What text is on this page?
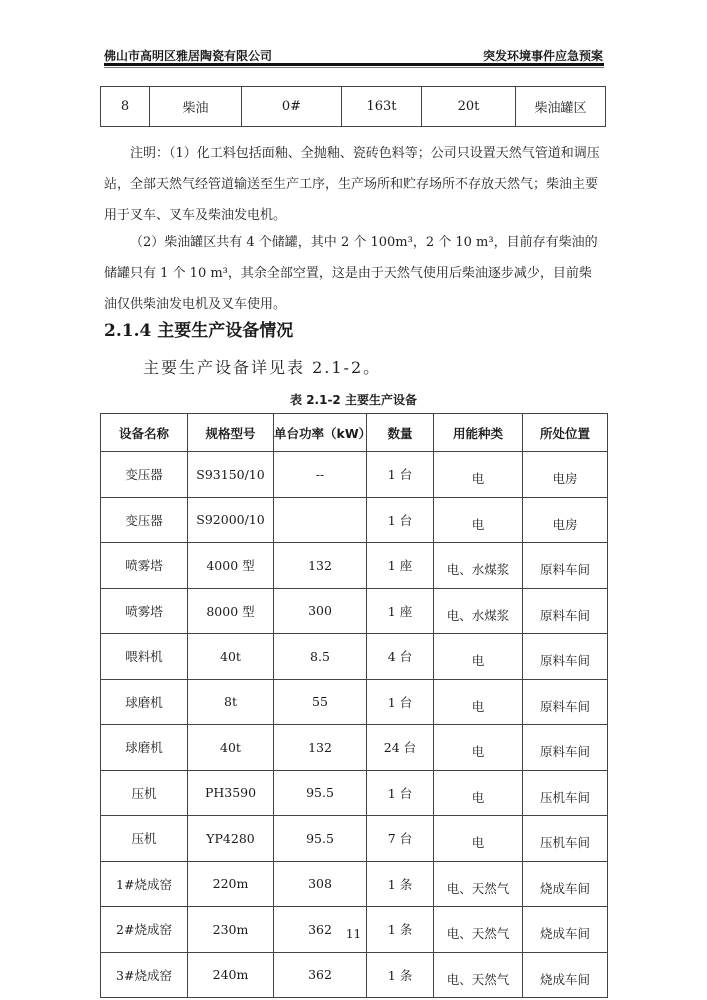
佛山市高明区雅居陶瓷有限公司	突发环境事件应急预案
8	柴油	0#	163t	20t	柴油罐区
注明：（1）化工料包括面釉、全抛釉、瓷砖色料等；公司只设置天然气管道和调压站，全部天然气经管道输送至生产工序，生产场所和贮存场所不存放天然气；柴油主要用于叉车、叉车及柴油发电机。
（2）柴油罐区共有 4 个储罐，其中 2 个 100m³，2 个 10 m³，目前存有柴油的储罐只有 1 个 10 m³，其余全部空置，这是由于天然气使用后柴油逐步减少，目前柴油仅供柴油发电机及叉车使用。
2.1.4 主要生产设备情况
主要生产设备详见表 2.1-2。
表 2.1-2 主要生产设备
设备名称	规格型号	单台功率（kW）	数量	用能种类	所处位置
变压器	S93150/10	--	1 台	电	电房
变压器	S92000/10		1 台	电	电房
喷雾塔	4000 型	132	1 座	电、水煤浆	原料车间
喷雾塔	8000 型	300	1 座	电、水煤浆	原料车间
喂料机	40t	8.5	4 台	电	原料车间
球磨机	8t	55	1 台	电	原料车间
球磨机	40t	132	24 台	电	原料车间
压机	PH3590	95.5	1 台	电	压机车间
压机	YP4280	95.5	7 台	电	压机车间
1#烧成窑	220m	308	1 条	电、天然气	烧成车间
2#烧成窑	230m	362	1 条	电、天然气	烧成车间
3#烧成窑	240m	362	1 条	电、天然气	烧成车间
11
